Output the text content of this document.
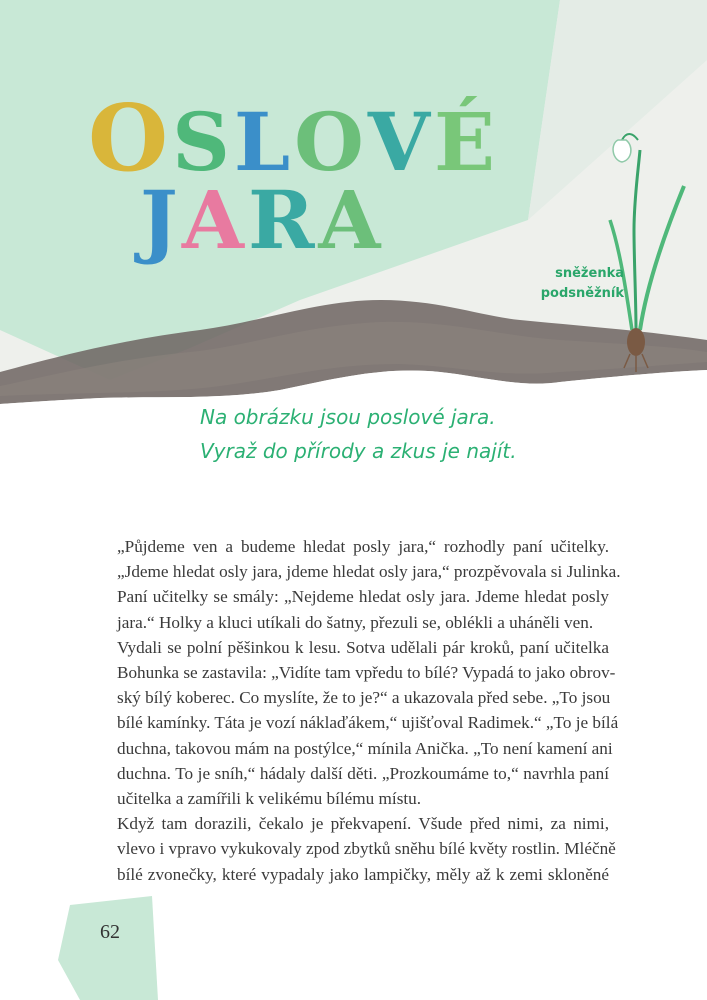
OSLOVÉ
JARA
sněženka
podsněžník
Na obrázku jsou poslové jara.
Vyraž do přírody a zkus je najít.
„Půjdeme ven a budeme hledat posly jara,“ rozhodly paní učitelky.
„Jdeme hledat osly jara, jdeme hledat osly jara,“ prozpěvovala si Julinka.
Paní učitelky se smály: „Nejdeme hledat osly jara. Jdeme hledat posly
jara.“ Holky a kluci utíkali do šatny, přezuli se, oblékli a uháněli ven.
Vydali se polní pěšinkou k lesu. Sotva udělali pár kroků, paní učitelka
Bohunka se zastavila: „Vidíte tam vpředu to bílé? Vypadá to jako obrov-
ský bílý koberec. Co myslíte, že to je?“ a ukazovala před sebe. „To jsou
bílé kamínky. Táta je vozí náklaďákem,“ ujišťoval Radimek.“ „To je bílá
duchna, takovou mám na postýlce,“ mínila Anička. „To není kamení ani
duchna. To je sníh,“ hádaly další děti. „Prozkoumáme to,“ navrhla paní
učitelka a zamířili k velikému bílému místu.
Když tam dorazili, čekalo je překvapení. Všude před nimi, za nimi,
vlevo i vpravo vykukovaly zpod zbytků sněhu bílé květy rostlin. Mléčně
bílé zvonečky, které vypadaly jako lampičky, měly až k zemi skloněné
62
